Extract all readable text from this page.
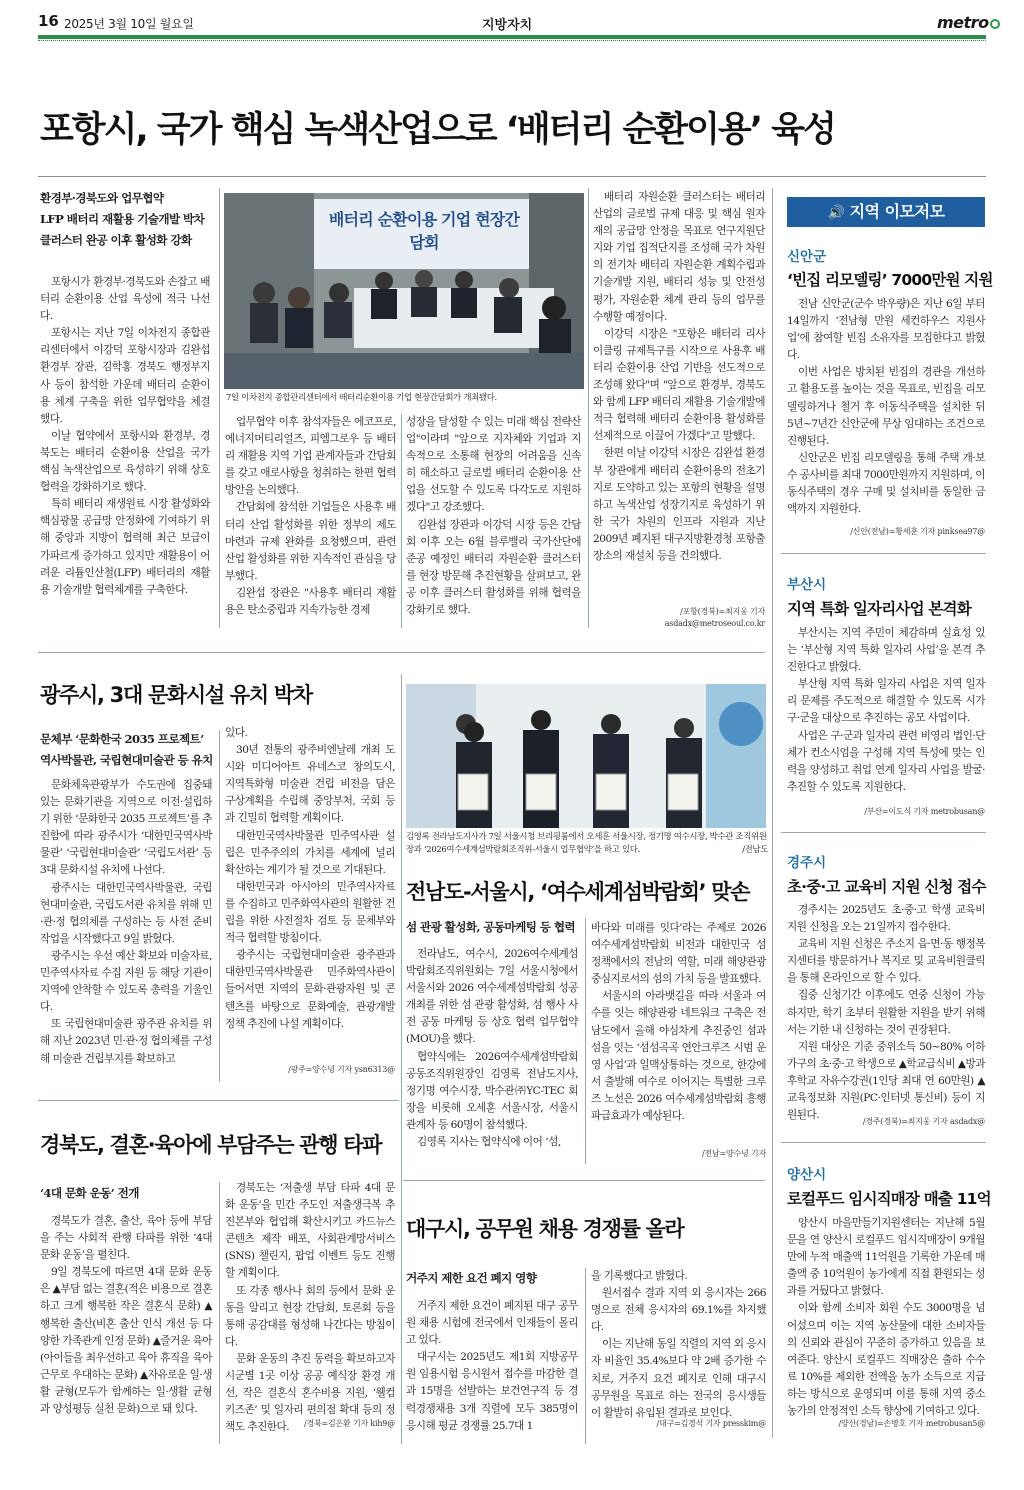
16 2025년 3월 10일 월요일	지방자치	metro
포항시, 국가 핵심 녹색산업으로 ‘배터리 순환이용’ 육성
환경부·경북도와 업무협약
LFP 배터리 재활용 기술개발 박차
클러스터 완공 이후 활성화 강화

포항시가 환경부·경북도와 손잡고 배터리 순환이용 산업 육성에 적극 나선다.

포항시는 지난 7일 이차전지 종합관리센터에서 이강덕 포항시장과 김완섭 환경부 장관, 김학홍 경북도 행정부지사 등이 참석한 가운데 배터리 순환이용 체계 구축을 위한 업무협약을 체결했다.

이날 협약에서 포항시와 환경부, 경북도는 배터리 순환이용 산업을 국가 핵심 녹색산업으로 육성하기 위해 상호협력을 강화하기로 했다.

특히 배터리 재생원료 시장 활성화와 핵심광물 공급망 안정화에 기여하기 위해 중앙과 지방이 협력해 최근 보급이 가파르게 증가하고 있지만 재활용이 어려운 리튬인산철(LFP) 배터리의 재활용 기술개발 협력체계를 구축한다.

배터리 순환이용 기업 현장간담회
7일 이차전지 종합관리센터에서 배터리순환이용 기업 현장간담회가 개최됐다.

업무협약 이후 참석자들은 에코프로, 에너지머티리얼즈, 피엠그로우 등 배터리 재활용 지역 기업 관계자들과 간담회를 갖고 애로사항을 청취하는 한편 협력방안을 논의했다.

간담회에 참석한 기업들은 사용후 배터리 산업 활성화를 위한 정부의 제도 마련과 규제 완화를 요청했으며, 관련 산업 활성화를 위한 지속적인 관심을 당부했다.

김완섭 장관은 "사용후 배터리 재활용은 탄소중립과 지속가능한 경제

성장을 달성할 수 있는 미래 핵심 전략산업"이라며 "앞으로 지자체와 기업과 지속적으로 소통해 현장의 어려움을 신속히 해소하고 글로벌 배터리 순환이용 산업을 선도할 수 있도록 다각도로 지원하겠다"고 강조했다.

김완섭 장관과 이강덕 시장 등은 간담회 이후 오는 6월 블루밸리 국가산단에 준공 예정인 배터리 자원순환 클러스터를 현장 방문해 추진현황을 살펴보고, 완공 이후 클러스터 활성화를 위해 협력을 강화키로 했다.

배터리 자원순환 클러스터는 배터리 산업의 글로벌 규제 대응 및 핵심 원자재의 공급망 안정을 목표로 연구지원단지와 기업 집적단지를 조성해 국가 차원의 전기차 배터리 자원순환 계획수립과 기술개발 지원, 배터리 성능 및 안전성 평가, 자원순환 체계 관리 등의 업무를 수행할 예정이다.

이강덕 시장은 "포항은 배터리 리사이클링 규제특구를 시작으로 사용후 배터리 순환이용 산업 기반을 선도적으로 조성해 왔다"며 "앞으로 환경부, 경북도와 함께 LFP 배터리 재활용 기술개발에 적극 협력해 배터리 순환이용 활성화를 선제적으로 이끌어 가겠다"고 말했다.

한편 이날 이강덕 시장은 김완섭 환경부 장관에게 배터리 순환이용의 전초기지로 도약하고 있는 포항의 현황을 설명하고 녹색산업 성장기지로 육성하기 위한 국가 차원의 인프라 지원과 지난 2009년 폐지된 대구지방환경청 포항출장소의 재설치 등을 건의했다.

/포항(경북)=최지웅 기자
asdadx@metroseoul.co.kr
광주시, 3대 문화시설 유치 박차
문체부 ‘문화한국 2035 프로젝트’
역사박물관, 국립현대미술관 등 유치

문화체육관광부가 수도권에 집중돼 있는 문화기관을 지역으로 이전·설립하기 위한 ‘문화한국 2035 프로젝트’를 추진함에 따라 광주시가 ‘대한민국역사박물관’ ‘국립현대미술관’ ‘국립도서관’ 등 3대 문화시설 유치에 나선다.

광주시는 대한민국역사박물관, 국립현대미술관, 국립도서관 유치를 위해 민·관·정 협의체를 구성하는 등 사전 준비작업을 시작했다고 9일 밝혔다.

광주시는 우선 예산 확보와 미술자료, 민주역사자료 수집 지원 등 해당 기관이 지역에 안착할 수 있도록 총력을 기울인다.

또 국립현대미술관 광주관 유치를 위해 지난 2023년 민·관·정 협의체를 구성해 미술관 건립부지를 확보하고

있다.

30년 전통의 광주비엔날레 개최 도시와 미디어아트 유네스코 창의도시, 지역특화형 미술관 건립 비전을 담은 구상계획을 수립해 중앙부처, 국회 등과 긴밀히 협력할 계획이다.

대한민국역사박물관 민주역사관 설립은 민주주의의 가치를 세계에 널리 확산하는 계기가 될 것으로 기대된다.

대한민국과 아시아의 민주역사자료를 수집하고 민주화역사관의 원활한 건립을 위한 사전절차 검토 등 문체부와 적극 협력할 방침이다.

광주시는 국립현대미술관 광주관과 대한민국역사박물관 민주화역사관이 들어서면 지역의 문화·관광자원 및 콘텐츠를 바탕으로 문화예술, 관광개발 정책 추진에 나설 계획이다.

/광주=양수녕 기자 ysn6313@
김영록 전라남도지사가 7일 서울시청 브리핑룸에서 오세훈 서울시장, 정기명 여수시장, 박수관 조직위원장과 ‘2026여수세계섬박람회조직위-서울시 업무협약’을 하고 있다.	/전남도
전남도-서울시, ‘여수세계섬박람회’ 맞손
섬 관광 활성화, 공동마케팅 등 협력

전라남도, 여수시, 2026여수세계섬박람회조직위원회는 7일 서울시청에서 서울시와 2026 여수세계섬박람회 성공 개최를 위한 섬 관광 활성화, 섬 행사 사전 공동 마케팅 등 상호 협력 업무협약(MOU)을 했다.

협약식에는 2026여수세계섬박람회 공동조직위원장인 김영록 전남도지사, 정기명 여수시장, 박수관㈜YC-TEC 회장을 비롯해 오세훈 서울시장, 서울시 관계자 등 60명이 참석했다.

김영록 지사는 협약식에 이어 ‘섬,

바다와 미래를 잇다’라는 주제로 2026여수세계섬박람회 비전과 대한민국 섬 정책에서의 전남의 역할, 미래 해양관광 중심지로서의 섬의 가치 등을 발표했다.

서울시의 아라뱃길을 따라 서울과 여수를 잇는 해양관광 네트워크 구축은 전남도에서 올해 야심차게 추진중인 섬과 섬을 잇는 ‘섬섬곡곡 연안크루즈 시범 운영 사업’과 일맥상통하는 것으로, 한강에서 출발해 여수로 이어지는 특별한 크루즈 노선은 2026 여수세계섬박람회 흥행 파급효과가 예상된다.

/전남=양수녕 기자
경북도, 결혼·육아에 부담주는 관행 타파
‘4대 문화 운동’ 전개

경북도가 결혼, 출산, 육아 등에 부담을 주는 사회적 관행 타파를 위한 ‘4대 문화 운동’을 펼친다.

9일 경북도에 따르면 4대 문화 운동은 ▲부담 없는 결혼(적은 비용으로 결혼하고 크게 행복한 작은 결혼식 문화) ▲행복한 출산(비혼 출산 인식 개선 등 다양한 가족관계 인정 문화) ▲즐거운 육아(아이들을 최우선하고 육아 휴직을 육아 근무로 우대하는 문화) ▲자유로운 일·생활 균형(모두가 함께하는 일·생활 균형과 양성평등 실천 문화)으로 돼 있다.

경북도는 ‘저출생 부담 타파 4대 문화 운동’을 민간 주도인 저출생극복 추진본부와 협업해 확산시키고 카드뉴스 콘텐츠 제작 배포, 사회관계망서비스(SNS) 챌린지, 팝업 이벤트 등도 진행할 계획이다.

또 각종 행사나 회의 등에서 문화 운동을 알리고 현장 간담회, 토론회 등을 통해 공감대를 형성해 나간다는 방침이다.

문화 운동의 추진 동력을 확보하고자 시군별 1곳 이상 공공 예식장 환경 개선, 작은 결혼식 혼수비용 지원, ‘웰컴 키즈존’ 및 일자리 편의점 확대 등의 정책도 추진한다.	/경북=김은환 기자 kih9@
대구시, 공무원 채용 경쟁률 올라
거주지 제한 요건 폐지 영향

거주지 제한 요건이 폐지된 대구 공무원 채용 시험에 전국에서 인재들이 몰리고 있다.

대구시는 2025년도 제1회 지방공무원 임용시험 응시원서 접수를 마감한 결과 15명을 선발하는 보건연구직 등 경력경쟁채용 3개 직렬에 모두 385명이 응시해 평균 경쟁률 25.7대 1

을 기록했다고 밝혔다.

원서접수 결과 지역 외 응시자는 266명으로 전체 응시자의 69.1%를 차지했다.

이는 지난해 동일 직렬의 지역 외 응시자 비율인 35.4%보다 약 2배 증가한 수치로, 거주지 요건 폐지로 인해 대구시 공무원을 목표로 하는 전국의 응시생들이 활발히 유입된 결과로 보인다.

/대구=김경석 기자 presskim@
🔊 지역 이모저모
신안군
‘빈집 리모델링’ 7000만원 지원

전남 신안군(군수 박우량)은 지난 6일 부터 14일까지 ‘전남형 만원 세컨하우스 지원사업’에 참여할 빈집 소유자를 모집한다고 밝혔다.

이번 사업은 방치된 빈집의 경관을 개선하고 활용도를 높이는 것을 목표로, 빈집을 리모델링하거나 철거 후 이동식주택을 설치한 뒤 5년~7년간 신안군에 무상 임대하는 조건으로 진행된다.

신안군은 빈집 리모델링을 통해 주택 개·보수 공사비를 최대 7000만원까지 지원하며, 이동식주택의 경우 구매 및 설치비를 동일한 금액까지 지원한다.

/신안(전남)=황세훈 기자 pinksea97@
부산시
지역 특화 일자리사업 본격화

부산시는 지역 주민이 체감하며 실효성 있는 ‘부산형 지역 특화 일자리 사업’을 본격 추진한다고 밝혔다.

부산형 지역 특화 일자리 사업은 지역 일자리 문제를 주도적으로 해결할 수 있도록 시가 구·군을 대상으로 추진하는 공모 사업이다.

사업은 구·군과 일자리 관련 비영리 법인·단체가 컨소시엄을 구성해 지역 특성에 맞는 인력을 양성하고 취업 연계 일자리 사업을 발굴·추진할 수 있도록 지원한다.

/부산=이도식 기자 metrobusan@
경주시
초·중·고 교육비 지원 신청 접수

경주시는 2025년도 초·중·고 학생 교육비 지원 신청을 오는 21일까지 접수한다.

교육비 지원 신청은 주소지 읍·면·동 행정복지센터를 방문하거나 복지로 및 교육비원클릭을 통해 온라인으로 할 수 있다.

집중 신청기간 이후에도 연중 신청이 가능하지만, 학기 초부터 원활한 지원을 받기 위해서는 기한 내 신청하는 것이 권장된다.

지원 대상은 기준 중위소득 50~80% 이하 가구의 초·중·고 학생으로 ▲학교급식비 ▲방과후학교 자유수강권(1인당 최대 연 60만원) ▲교육정보화 지원(PC·인터넷 통신비) 등이 지원된다.

/경주(경북)=최지웅 기자 asdadx@
양산시
로컬푸드 임시직매장 매출 11억

양산시 마을만들기지원센터는 지난해 5월 문을 연 양산시 로컬푸드 임시직매장이 9개월 만에 누적 매출액 11억원을 기록한 가운데 매출액 중 10억원이 농가에게 직접 환원되는 성과를 거뒀다고 밝혔다.

이와 함께 소비자 회원 수도 3000명을 넘어섰으며 이는 지역 농산물에 대한 소비자들의 신뢰와 관심이 꾸준히 증가하고 있음을 보여준다. 양산시 로컬푸드 직매장은 출하 수수료 10%를 제외한 전액을 농가 소득으로 지급하는 방식으로 운영되며 이를 통해 지역 중소 농가의 안정적인 소득 향상에 기여하고 있다.

/양산(경남)=손병호 기자 metrobusan5@
